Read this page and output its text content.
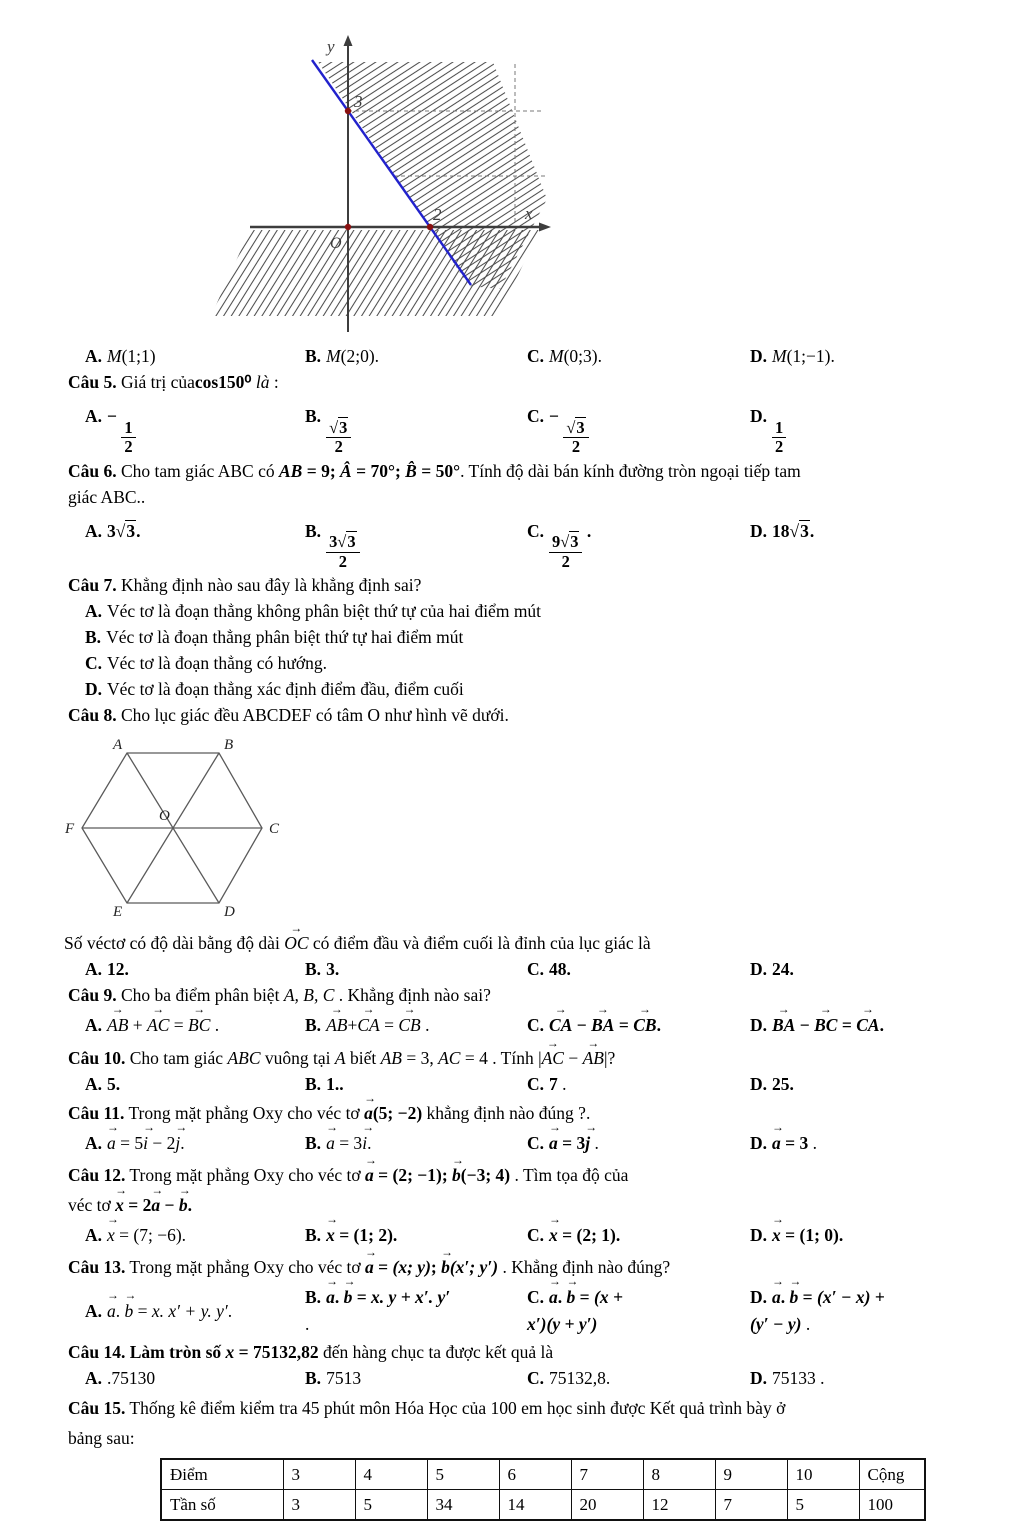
y
x
3
2
O
A. M(1;1)	B. M(2;0).	C. M(0;3).	D. M(1;−1).
Câu 5. Giá trị củacos150⁰ là :
A. −
$\frac{1}{2}$
B.
$\frac{√3}{2}$
C. −
$\frac{√3}{2}$
D.
$\frac{1}{2}$
Câu 6. Cho tam giác ABC có AB = 9; Â = 70°; B̂ = 50°. Tính độ dài bán kính đường tròn ngoại tiếp tam
giác ABC..
A. 3√3.	B.
$\frac{3√3}{2}$
C.
$\frac{9√3}{2}$
.	D. 18√3.
Câu 7. Khẳng định nào sau đây là khẳng định sai?
A. Véc tơ là đoạn thẳng không phân biệt thứ tự của hai điểm mút
B. Véc tơ là đoạn thẳng phân biệt thứ tự hai điểm mút
C. Véc tơ là đoạn thẳng có hướng.
D. Véc tơ là đoạn thẳng xác định điểm đầu, điểm cuối
Câu 8. Cho lục giác đều ABCDEF có tâm O như hình vẽ dưới.
A	B
C
D
E
F
O
Số véctơ có độ dài bằng độ dài
→
OC có điểm đầu và điểm cuối là đỉnh của lục giác là
A. 12.	B. 3.	C. 48.	D. 24.
Câu 9. Cho ba điểm phân biệt A, B, C . Khẳng định nào sai?
A.
→
AB +
→
AC =
→
BC .	B.
→
AB+
→
CA =
→
CB .	C.
→
CA −
→
BA =
→
CB.	D.
→
BA −
→
BC =
→
CA.
Câu 10. Cho tam giác ABC vuông tại A biết AB = 3, AC = 4 . Tính |
→
AC −
→
AB|?
A. 5.	B. 1..	C. 7 .	D. 25.
Câu 11. Trong mặt phẳng Oxy cho véc tơ
→
a(5; −2) khẳng định nào đúng ?.
A.
→
a = 5
→
i − 2
→
j.	B.
→
a = 3
→
i.	C.
→
a = 3
→
j .	D.
→
a = 3 .
Câu 12. Trong mặt phẳng Oxy cho véc tơ
→
a = (2; −1);
→
b(−3; 4) . Tìm tọa độ của
véc tơ
→
x = 2
→
a −
→
b.
A.
→
x = (7; −6).	B.
→
x = (1; 2).	C.
→
x = (2; 1).	D.
→
x = (1; 0).
Câu 13. Trong mặt phẳng Oxy cho véc tơ
→
a = (x; y);
→
b(x′; y′) . Khẳng định nào đúng?
A.
→
a.
→
b = x. x′ + y. y′.
B.
→
a.
→
b = x. y + x′. y′
.
C.
→
a.
→
b = (x +
x′)(y + y′)
D.
→
a.
→
b = (x′ − x) +
(y′ − y) .
Câu 14. Làm tròn số x = 75132,82 đến hàng chục ta được kết quả là
A. .75130	B. 7513	C. 75132,8.	D. 75133 .
Câu 15. Thống kê điểm kiểm tra 45 phút môn Hóa Học của 100 em học sinh được Kết quả trình bày ở
bảng sau:
Điểm	3	4	5	6	7	8	9	10	Cộng
Tần số	3	5	34	14	20	12	7	5	100
